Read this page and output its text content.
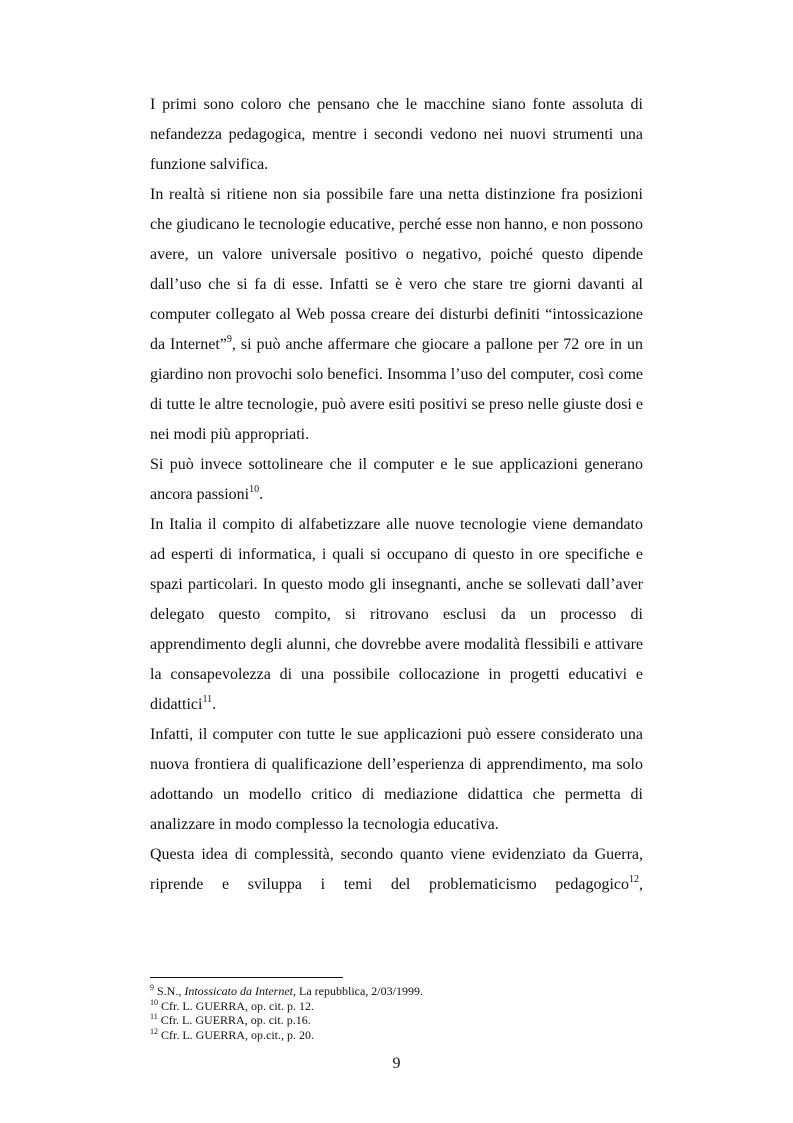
I primi sono coloro che pensano che le macchine siano fonte assoluta di nefandezza pedagogica, mentre i secondi vedono nei nuovi strumenti una funzione salvifica.

In realtà si ritiene non sia possibile fare una netta distinzione fra posizioni che giudicano le tecnologie educative, perché esse non hanno, e non possono avere, un valore universale positivo o negativo, poiché questo dipende dall’uso che si fa di esse. Infatti se è vero che stare tre giorni davanti al computer collegato al Web possa creare dei disturbi definiti “intossicazione da Internet”$^9$, si può anche affermare che giocare a pallone per 72 ore in un giardino non provochi solo benefici. Insomma l’uso del computer, così come di tutte le altre tecnologie, può avere esiti positivi se preso nelle giuste dosi e nei modi più appropriati.

Si può invece sottolineare che il computer e le sue applicazioni generano ancora passioni$^{10}$.

In Italia il compito di alfabetizzare alle nuove tecnologie viene demandato ad esperti di informatica, i quali si occupano di questo in ore specifiche e spazi particolari. In questo modo gli insegnanti, anche se sollevati dall’aver delegato questo compito, si ritrovano esclusi da un processo di apprendimento degli alunni, che dovrebbe avere modalità flessibili e attivare la consapevolezza di una possibile collocazione in progetti educativi e didattici$^{11}$.

Infatti, il computer con tutte le sue applicazioni può essere considerato una nuova frontiera di qualificazione dell’esperienza di apprendimento, ma solo adottando un modello critico di mediazione didattica che permetta di analizzare in modo complesso la tecnologia educativa.

Questa idea di complessità, secondo quanto viene evidenziato da Guerra, riprende e sviluppa i temi del problematicismo pedagogico$^{12}$,

$^9$ S.N., Intossicato da Internet, La repubblica, 2/03/1999.

$^{10}$ Cfr. L. GUERRA, op. cit. p. 12.

$^{11}$ Cfr. L. GUERRA, op. cit. p.16.

$^{12}$ Cfr. L. GUERRA, op.cit., p. 20.

9
